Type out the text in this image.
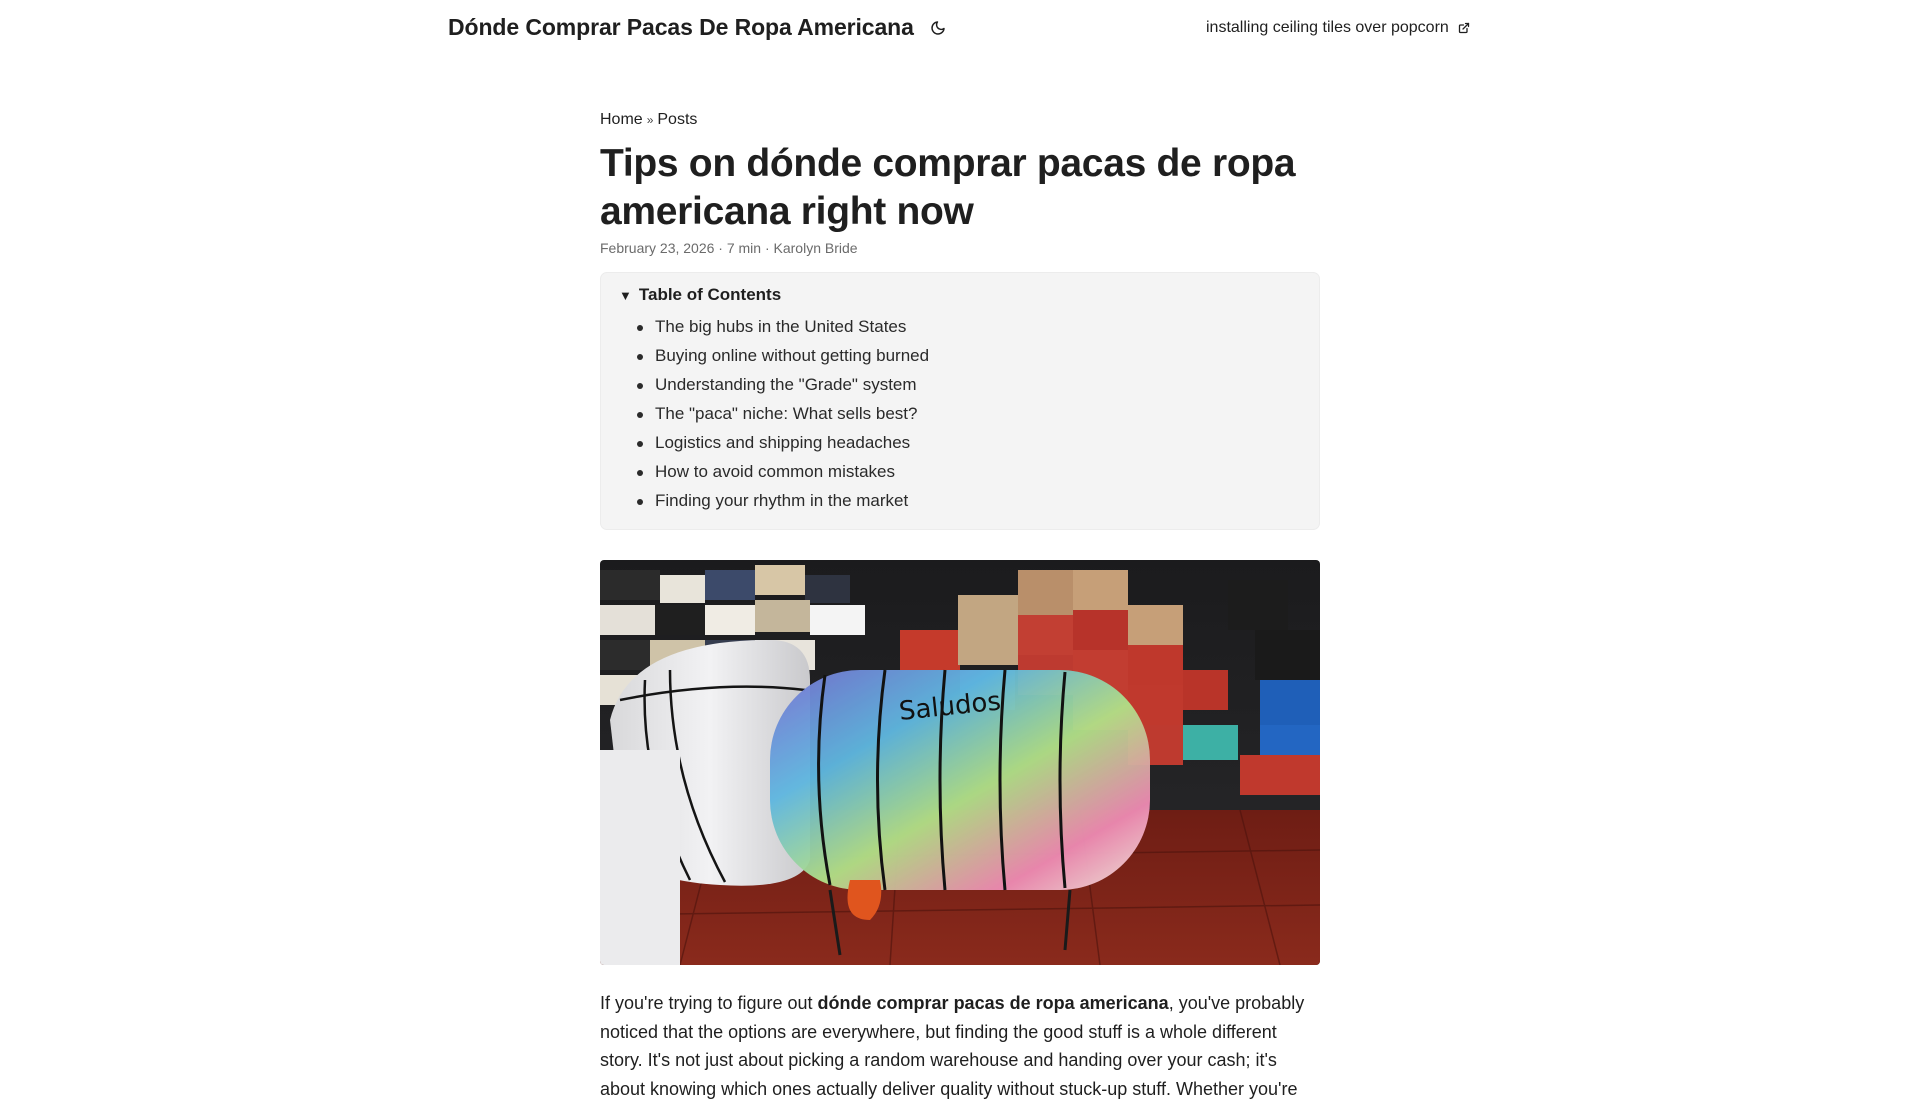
Dónde Comprar Pacas De Ropa Americana	installing ceiling tiles over popcorn
Home » Posts
Tips on dónde comprar pacas de ropa americana right now
February 23, 2026 · 7 min · Karolyn Bride
▼ Table of Contents
The big hubs in the United States
Buying online without getting burned
Understanding the "Grade" system
The "paca" niche: What sells best?
Logistics and shipping headaches
How to avoid common mistakes
Finding your rhythm in the market
Saludos

If you're trying to figure out dónde comprar pacas de ropa americana, you've probably noticed that the options are everywhere, but finding the good stuff is a whole different story. It's not just about picking a random warehouse and handing over your cash; it's about knowing which ones actually deliver quality without stuck-up stuff. Whether you're
